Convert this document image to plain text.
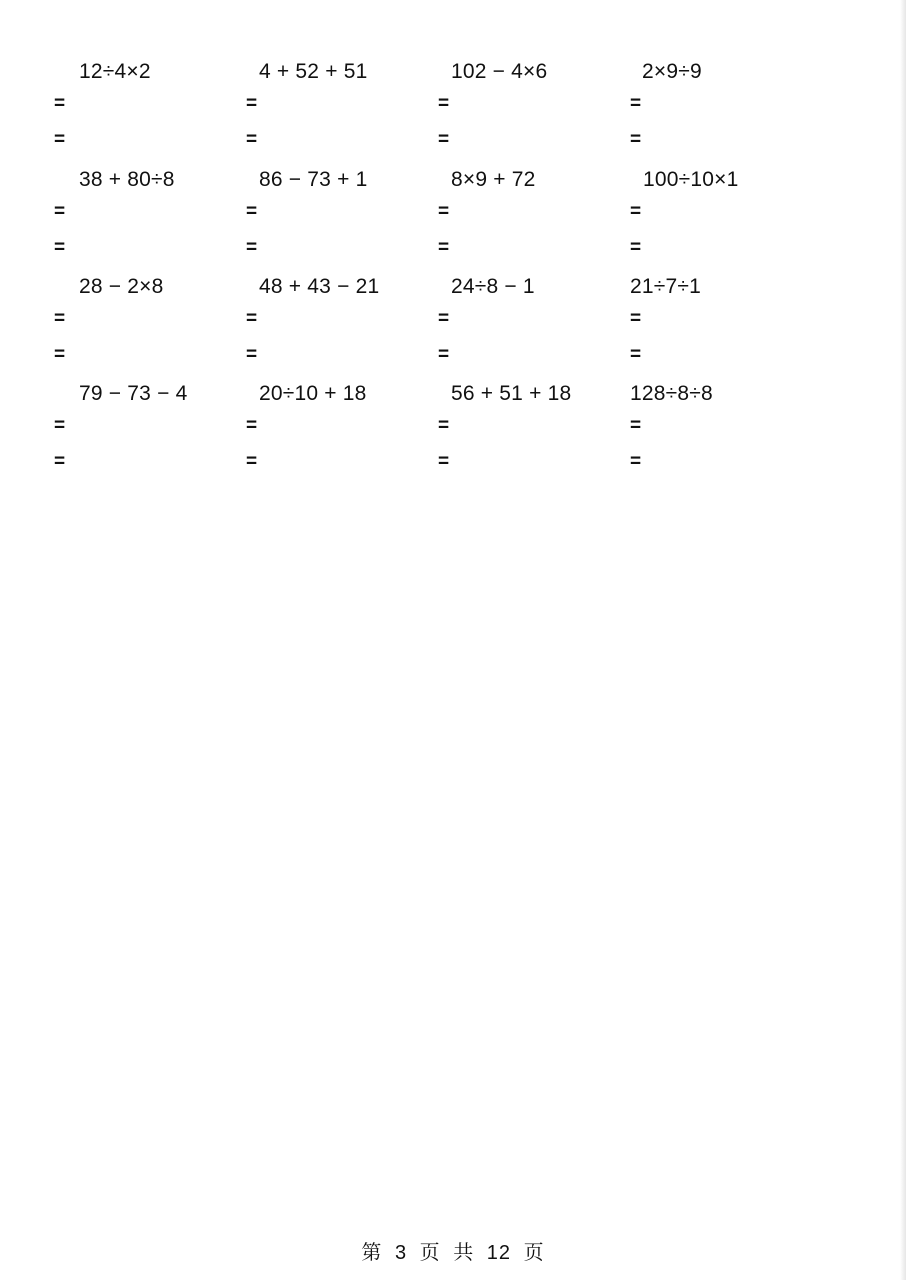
12÷4×2
=
=
4 + 52 + 51
=
=
102 − 4×6
=
=
2×9÷9
=
=
38 + 80÷8
=
=
86 − 73 + 1
=
=
8×9 + 72
=
=
100÷10×1
=
=
28 − 2×8
=
=
48 + 43 − 21
=
=
24÷8 − 1
=
=
21÷7÷1
=
=
79 − 73 − 4
=
=
20÷10 + 18
=
=
56 + 51 + 18
=
=
128÷8÷8
=
=
第 3 页 共 12 页
